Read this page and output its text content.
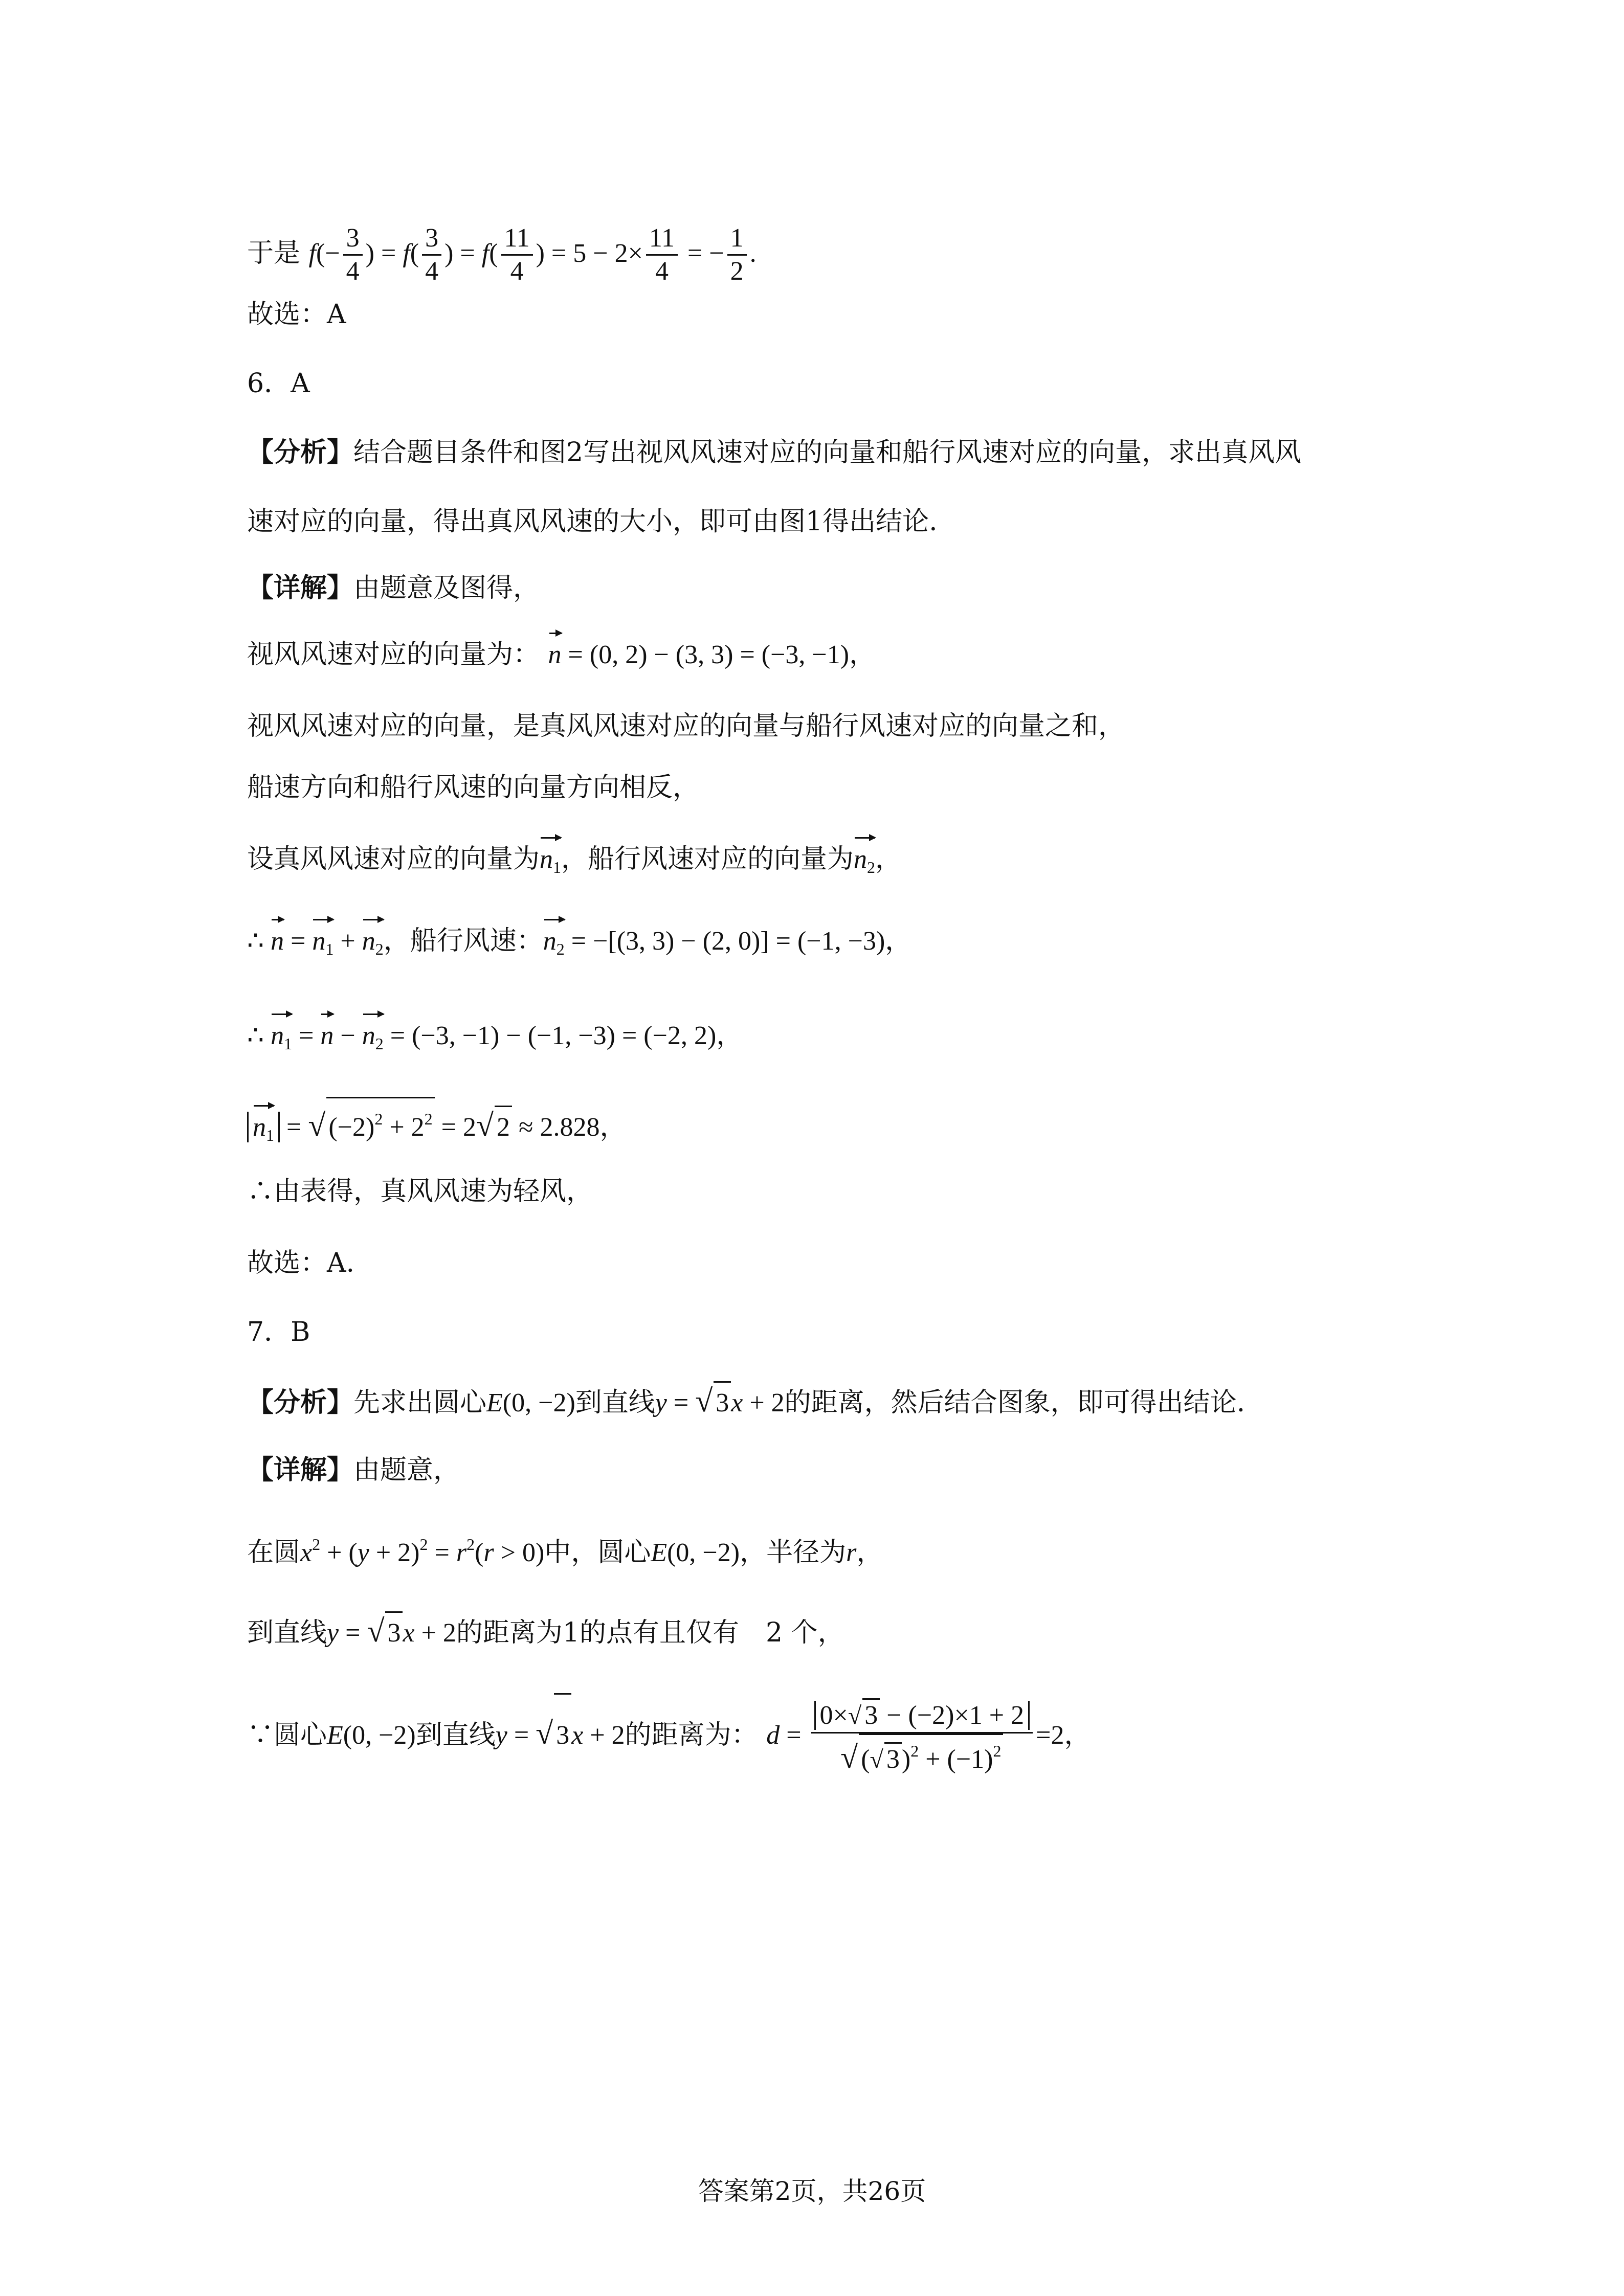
于是 $f(- \frac{3}{4}$ ) = $f( \frac{3}{4}$ ) = $f( \frac{11}{4}$ ) = $5 - 2\times \frac{11}{4}$ = − $\frac{1}{2}$ .
故选：A
6．A
【分析】结合题目条件和图2写出视风风速对应的向量和船行风速对应的向量，求出真风风
速对应的向量，得出真风风速的大小，即可由图1得出结论.
【详解】由题意及图得，
视风风速对应的向量为： n = (0, 2) − (3, 3) = (−3, −1)，
视风风速对应的向量，是真风风速对应的向量与船行风速对应的向量之和，
船速方向和船行风速的向量方向相反，
设真风风速对应的向量为$n_1$，船行风速对应的向量为$n_2$，
∴ $n = n_1 + n_2$，船行风速：$n_2 = -[(3$, 3) − (2, 0)] = (−1, −3)，
∴ $n_1 = n - n_2 = (-3$, −1) − (−1, −3) = (−2, 2)，
$n_1$ = √ $(-2)^2 + 2^2 = 2√$ 2 ≈ 2.828，
∴由表得，真风风速为轻风，
故选：A.
7．B
【分析】先求出圆心E(0, −2)到直线y = √ 3x + 2的距离，然后结合图象，即可得出结论.
【详解】由题意，
在圆$x^2 + (y + 2)^2 = r^2(r > 0)$中，圆心E(0, −2)，半径为r，
到直线y = √ 3x + 2的距离为1的点有且仅有　2 个，
∵圆心E(0, −2)到直线y = √ 3x + 2的距离为： $d = \frac{0\times√ 3 - (-2)\times 1 + 2}{√ (√ 3)^2 + (-1)^2} =2$，
答案第2页，共26页
